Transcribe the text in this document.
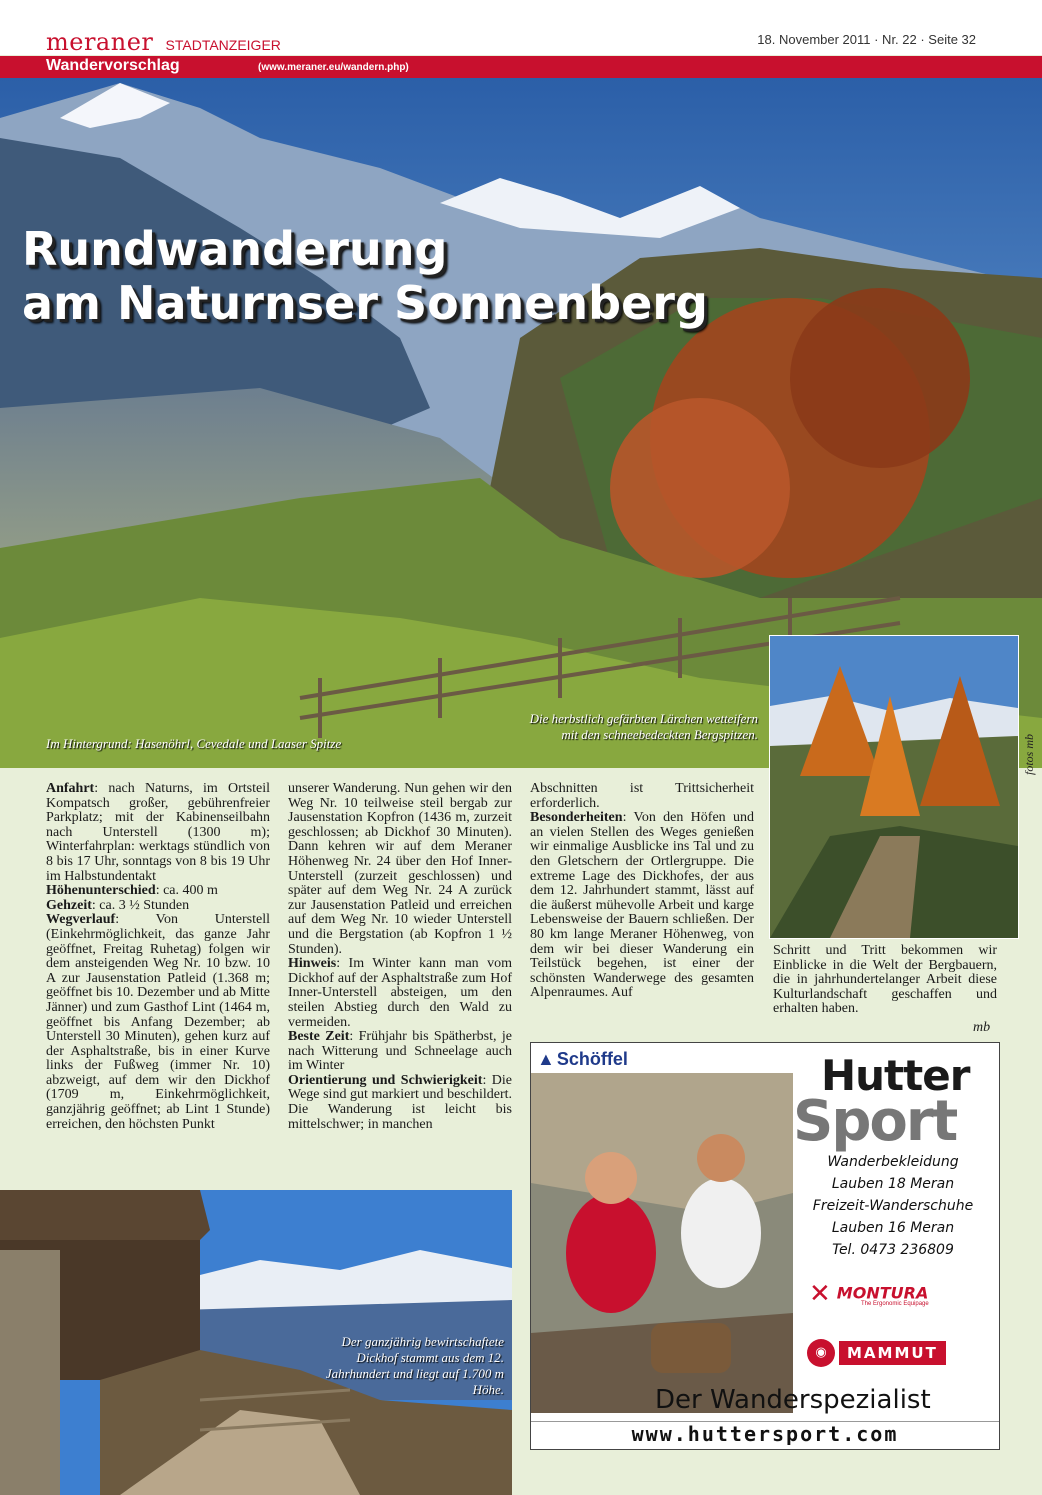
meraner STADTANZEIGER	18. November 2011 · Nr. 22 · Seite 32
Wandervorschlag	(www.meraner.eu/wandern.php)
Rundwanderung
am Naturnser Sonnenberg
Im Hintergrund: Hasenöhrl, Cevedale und Laaser Spitze
Die herbstlich gefärbten Lärchen wetteifern mit den schneebedeckten Bergspitzen.	fotos mb

Anfahrt: nach Naturns, im Ortsteil Kompatsch großer, gebührenfreier Parkplatz; mit der Kabinenseilbahn nach Unterstell (1300 m); Winterfahrplan: werktags stündlich von 8 bis 17 Uhr, sonntags von 8 bis 19 Uhr im Halbstundentakt

Höhenunterschied: ca. 400 m

Gehzeit: ca. 3 ½ Stunden

Wegverlauf: Von Unterstell (Einkehrmöglichkeit, das ganze Jahr geöffnet, Freitag Ruhetag) folgen wir dem ansteigenden Weg Nr. 10 bzw. 10 A zur Jausenstation Patleid (1.368 m; geöffnet bis 10. Dezember und ab Mitte Jänner) und zum Gasthof Lint (1464 m, geöffnet bis Anfang Dezember; ab Unterstell 30 Minuten), gehen kurz auf der Asphaltstraße, bis in einer Kurve links der Fußweg (immer Nr. 10) abzweigt, auf dem wir den Dickhof (1709 m, Einkehrmöglichkeit, ganzjährig geöffnet; ab Lint 1 Stunde) erreichen, den höchsten Punkt

unserer Wanderung. Nun gehen wir den Weg Nr. 10 teilweise steil bergab zur Jausenstation Kopfron (1436 m, zurzeit geschlossen; ab Dickhof 30 Minuten). Dann kehren wir auf dem Meraner Höhenweg Nr. 24 über den Hof Inner-Unterstell (zurzeit geschlossen) und später auf dem Weg Nr. 24 A zurück zur Jausenstation Patleid und erreichen auf dem Weg Nr. 10 wieder Unterstell und die Bergstation (ab Kopfron 1 ½ Stunden).

Hinweis: Im Winter kann man vom Dickhof auf der Asphaltstraße zum Hof Inner-Unterstell absteigen, um den steilen Abstieg durch den Wald zu vermeiden.

Beste Zeit: Frühjahr bis Spätherbst, je nach Witterung und Schneelage auch im Winter

Orientierung und Schwierigkeit: Die Wege sind gut markiert und beschildert. Die Wanderung ist leicht bis mittelschwer; in manchen

Abschnitten ist Trittsicherheit erforderlich.

Besonderheiten: Von den Höfen und an vielen Stellen des Weges genießen wir einmalige Ausblicke ins Tal und zu den Gletschern der Ortlergruppe. Die extreme Lage des Dickhofes, der aus dem 12. Jahrhundert stammt, lässt auf die äußerst mühevolle Arbeit und karge Lebensweise der Bauern schließen. Der 80 km lange Meraner Höhenweg, von dem wir bei dieser Wanderung ein Teilstück begehen, ist einer der schönsten Wanderwege des gesamten Alpenraumes. Auf

Schritt und Tritt bekommen wir Einblicke in die Welt der Bergbauern, die in jahrhundertelanger Arbeit diese Kulturlandschaft geschaffen und erhalten haben.

mb
Der ganzjährig bewirtschaftete Dickhof stammt aus dem 12. Jahrhundert und liegt auf 1.700 m Höhe.
▲ Schöffel	Hutter
Sport
Wanderbekleidung
Lauben 18 Meran
Freizeit-Wanderschuhe
Lauben 16 Meran
Tel. 0473 236809
✕ MONTURA
The Ergonomic Equipage
◉ MAMMUT
Der Wanderspezialist
www.huttersport.com
